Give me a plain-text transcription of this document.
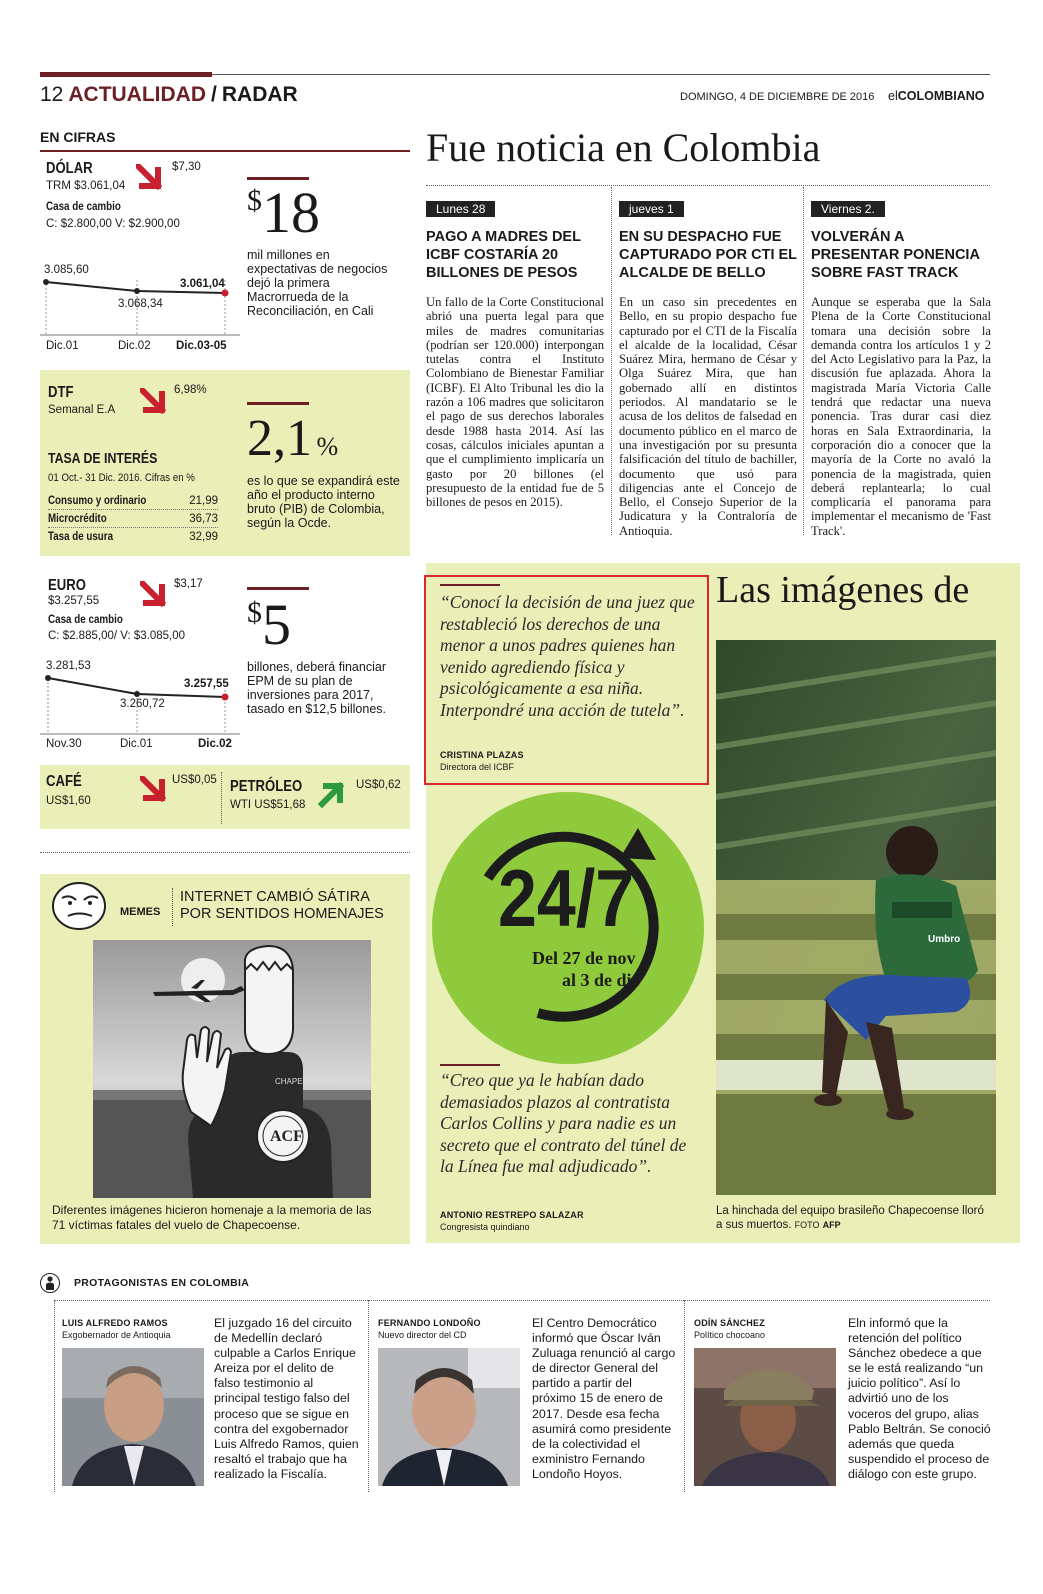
12 ACTUALIDAD / RADAR	DOMINGO, 4 DE DICIEMBRE DE 2016 elCOLOMBIANO
EN CIFRAS
DÓLAR
TRM $3.061,04
$7,30
Casa de cambio
C: $2.800,00 V: $2.900,00
3.085,60
3.068,34
3.061,04
Dic.01	Dic.02 Dic.03-05
$18
mil millones en expectativas de negocios dejó la primera Macrorrueda de la Reconciliación, en Cali
DTF
Semanal E.A
6,98%
TASA DE INTERÉS
01 Oct.- 31 Dic. 2016. Cifras en %
Consumo y ordinario	21,99
Microcrédito	36,73
Tasa de usura	32,99
2,1 %
es lo que se expandirá este año el producto interno bruto (PIB) de Colombia, según la Ocde.
EURO
$3.257,55
$3,17
Casa de cambio
C: $2.885,00/ V: $3.085,00
3.281,53
3.260,72
3.257,55
Nov.30	Dic.01	Dic.02
$5
billones, deberá financiar EPM de su plan de inversiones para 2017, tasado en $12,5 billones.
CAFÉ
US$1,60
US$0,05 PETRÓLEO
WTI US$51,68
US$0,62
MEMES
INTERNET CAMBIÓ SÁTIRA
POR SENTIDOS HOMENAJES
CHAPECOENSE
ACF
Diferentes imágenes hicieron homenaje a la memoria de las 71 víctimas fatales del vuelo de Chapecoense.
Fue noticia en Colombia
Lunes 28
PAGO A MADRES DEL ICBF COSTARÍA 20 BILLONES DE PESOS
Un fallo de la Corte Constitucional abrió una puerta legal para que miles de madres comunitarias (podrían ser 120.000) interpongan tutelas contra el Instituto Colombiano de Bienestar Familiar (ICBF). El Alto Tribunal les dio la razón a 106 madres que solicitaron el pago de sus derechos laborales desde 1988 hasta 2014. Así las cosas, cálculos iniciales apuntan a que el cumplimiento implicaría un gasto por 20 billones (el presupuesto de la entidad fue de 5 billones de pesos en 2015).
jueves 1
EN SU DESPACHO FUE CAPTURADO POR CTI EL ALCALDE DE BELLO
En un caso sin precedentes en Bello, en su propio despacho fue capturado por el CTI de la Fiscalía el alcalde de la localidad, César Suárez Mira, hermano de César y Olga Suárez Mira, que han gobernado allí en distintos periodos. Al mandatario se le acusa de los delitos de falsedad en documento público en el marco de una investigación por su presunta falsificación del título de bachiller, documento que usó para diligencias ante el Concejo de Bello, el Consejo Superior de la Judicatura y la Contraloría de Antioquia.
Viernes 2.
VOLVERÁN A PRESENTAR PONENCIA SOBRE FAST TRACK
Aunque se esperaba que la Sala Plena de la Corte Constitucional tomara una decisión sobre la demanda contra los artículos 1 y 2 del Acto Legislativo para la Paz, la discusión fue aplazada. Ahora la magistrada María Victoria Calle tendrá que redactar una nueva ponencia. Tras durar casi diez horas en Sala Extraordinaria, la corporación dio a conocer que la mayoría de la Corte no avaló la ponencia de la magistrada, quien deberá replantearla; lo cual complicaría el panorama para implementar el mecanismo de 'Fast Track'.
“Conocí la decisión de una juez que restableció los derechos de una menor a unos padres quienes han venido agrediendo física y psicológicamente a esa niña. Interpondré una acción de tutela”.
CRISTINA PLAZAS
Directora del ICBF
24/7
Del 27 de nov
al 3 de dic
“Creo que ya le habían dado demasiados plazos al contratista Carlos Collins y para nadie es un secreto que el contrato del túnel de la Línea fue mal adjudicado”.
ANTONIO RESTREPO SALAZAR
Congresista quindiano
Las imágenes de
Umbro
La hinchada del equipo brasileño Chapecoense lloró a sus muertos. FOTO AFP
PROTAGONISTAS EN COLOMBIA
LUIS ALFREDO RAMOS
Exgobernador de Antioquia
El juzgado 16 del circuito de Medellín declaró culpable a Carlos Enrique Areiza por el delito de falso testimonio al principal testigo falso del proceso que se sigue en contra del exgobernador Luis Alfredo Ramos, quien resaltó el trabajo que ha realizado la Fiscalía.
FERNANDO LONDOÑO
Nuevo director del CD
El Centro Democrático informó que Óscar Iván Zuluaga renunció al cargo de director General del partido a partir del próximo 15 de enero de 2017. Desde esa fecha asumirá como presidente de la colectividad el exministro Fernando Londoño Hoyos.
ODÍN SÁNCHEZ
Político chocoano
Eln informó que la retención del político Sánchez obedece a que se le está realizando “un juicio político”. Así lo advirtió uno de los voceros del grupo, alias Pablo Beltrán. Se conoció además que queda suspendido el proceso de diálogo con este grupo.
